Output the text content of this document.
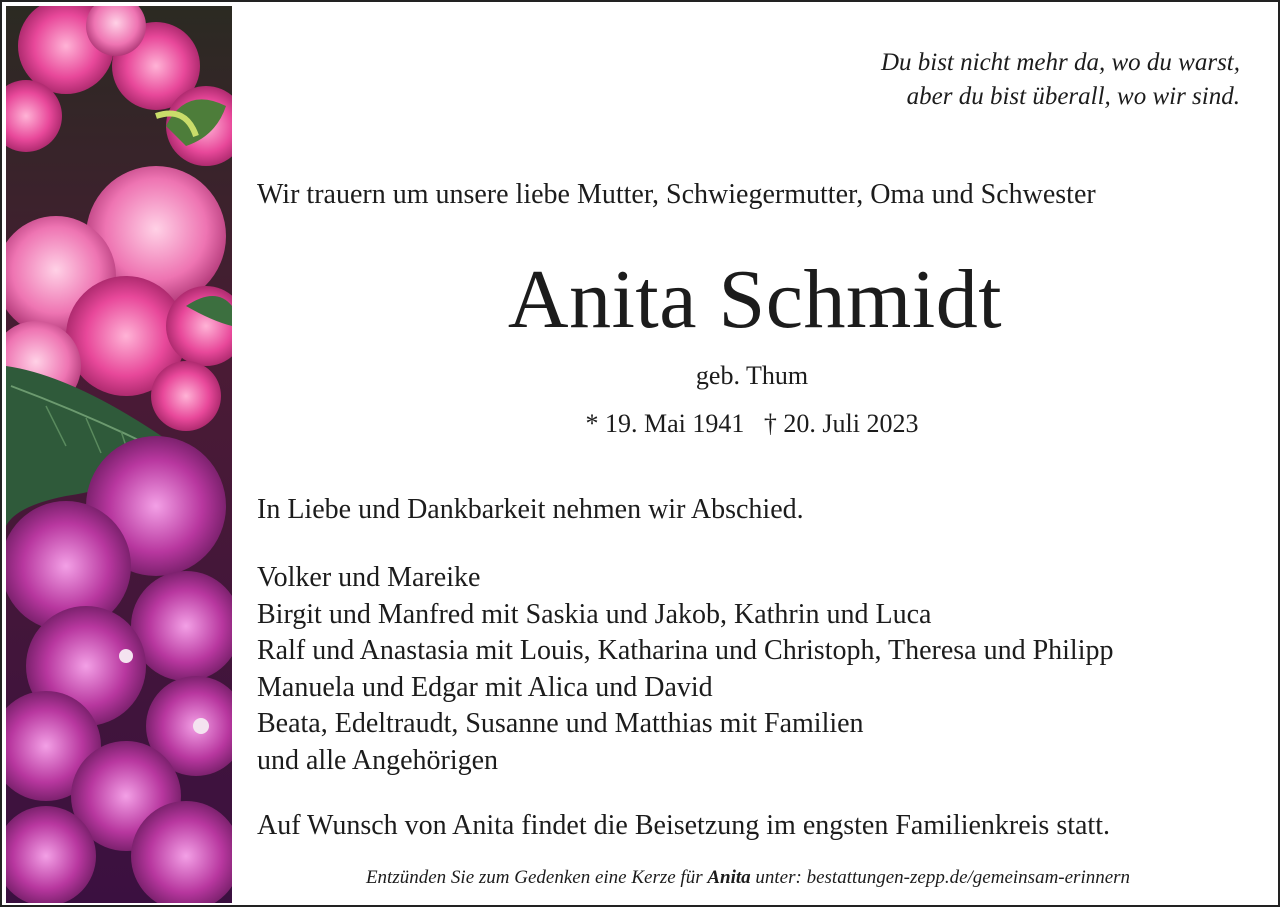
Du bist nicht mehr da, wo du warst,
aber du bist überall, wo wir sind.
Wir trauern um unsere liebe Mutter, Schwiegermutter, Oma und Schwester
Anita Schmidt
geb. Thum
* 19. Mai 1941 † 20. Juli 2023
In Liebe und Dankbarkeit nehmen wir Abschied.
Volker und Mareike
Birgit und Manfred mit Saskia und Jakob, Kathrin und Luca
Ralf und Anastasia mit Louis, Katharina und Christoph, Theresa und Philipp
Manuela und Edgar mit Alica und David
Beata, Edeltraudt, Susanne und Matthias mit Familien
und alle Angehörigen
Auf Wunsch von Anita findet die Beisetzung im engsten Familienkreis statt.
Entzünden Sie zum Gedenken eine Kerze für Anita unter: bestattungen-zepp.de/gemeinsam-erinnern
